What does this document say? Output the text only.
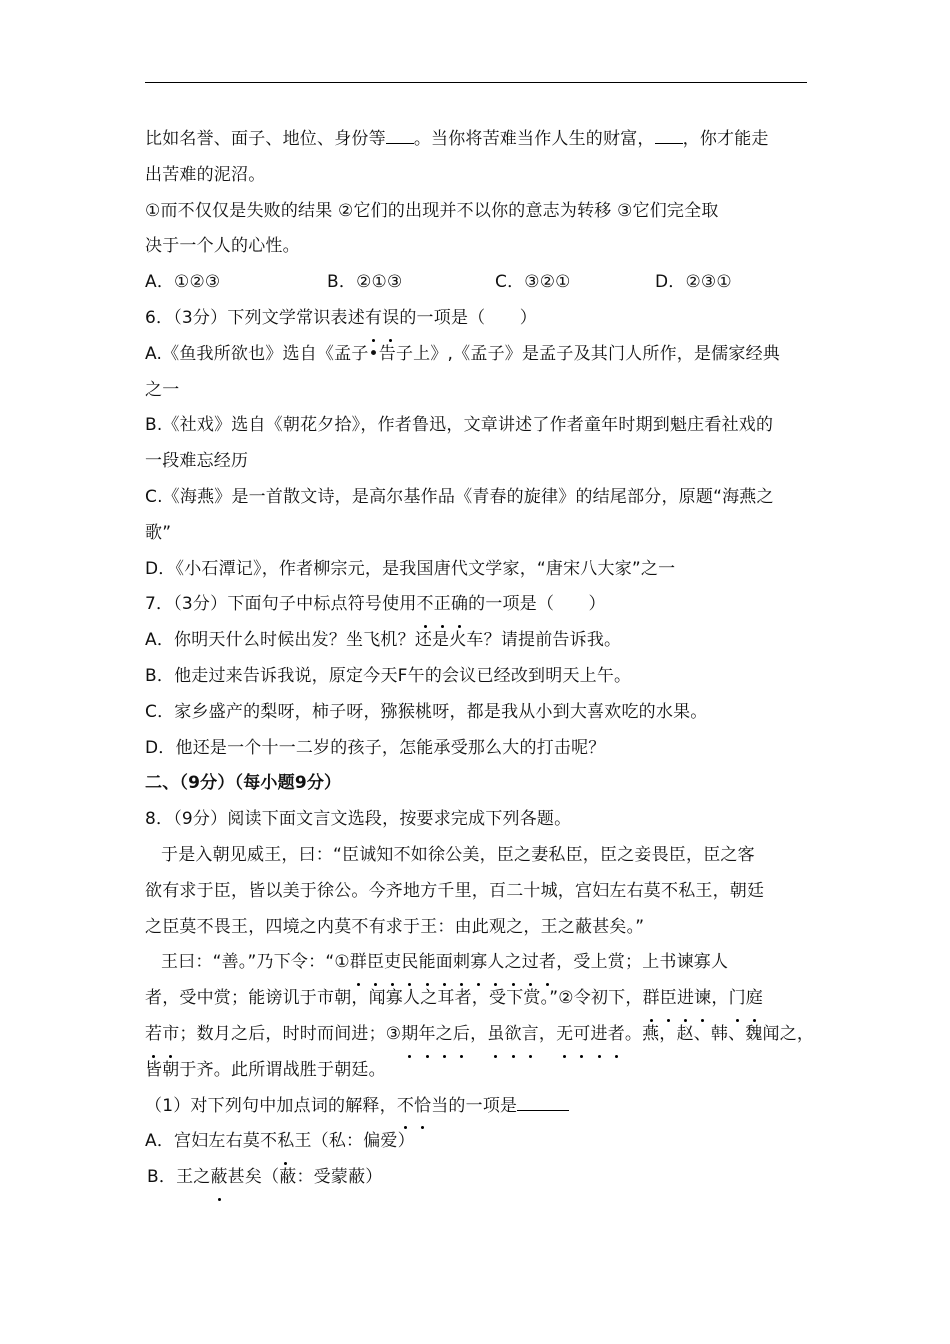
比如名誉、面子、地位、身份等 。当你将苦难当作人生的财富， ，你才能走
出苦难的泥沼。
①而不仅仅是失败的结果 ②它们的出现并不以你的意志为转移 ③它们完全取
决于一个人的心性。
A．①②③	B．②①③	C．③②①	D．②③①
6．（3分）下列文学常识表述有误的一项是（　　）
A.《鱼我所欲也》选自《孟子•告子上》,《孟子》是孟子及其门人所作，是儒家经典
之一
B.《社戏》选自《朝花夕拾》，作者鲁迅，文章讲述了作者童年时期到魁庄看社戏的
一段难忘经历
C.《海燕》是一首散文诗，是高尔基作品《青春的旋律》的结尾部分，原题“海燕之
歌”
D．《小石潭记》，作者柳宗元，是我国唐代文学家，“唐宋八大家”之一
7．（3分）下面句子中标点符号使用不正确的一项是（　　）
A．你明天什么时候出发？坐飞机？还是火车？请提前告诉我。
B．他走过来告诉我说，原定今天F午的会议已经改到明天上午。
C．家乡盛产的梨呀，柿子呀，猕猴桃呀，都是我从小到大喜欢吃的水果。
D．他还是一个十一二岁的孩子，怎能承受那么大的打击呢？
二、（9分）（每小题9分）
8．（9分）阅读下面文言文选段，按要求完成下列各题。
于是入朝见威王，曰：“臣诚知不如徐公美，臣之妻私臣，臣之妾畏臣，臣之客
欲有求于臣，皆以美于徐公。今齐地方千里，百二十城，宫妇左右莫不私王，朝廷
之臣莫不畏王，四境之内莫不有求于王：由此观之，王之蔽甚矣。”
王曰：“善。”乃下令：“①群臣吏民能面刺寡人之过者，受上赏；上书谏寡人
者，受中赏；能谤讥于市朝，闻寡人之耳者，受下赏。”②令初下，群臣进谏，门庭
若市；数月之后，时时而间进；③期年之后，虽欲言，无可进者。燕，赵、韩、魏闻之，
皆朝于齐。此所谓战胜于朝廷。
（1）对下列句中加点词的解释，不恰当的一项是
A．宫妇左右莫不私王（私：偏爱）
B．王之蔽甚矣（蔽：受蒙蔽）
